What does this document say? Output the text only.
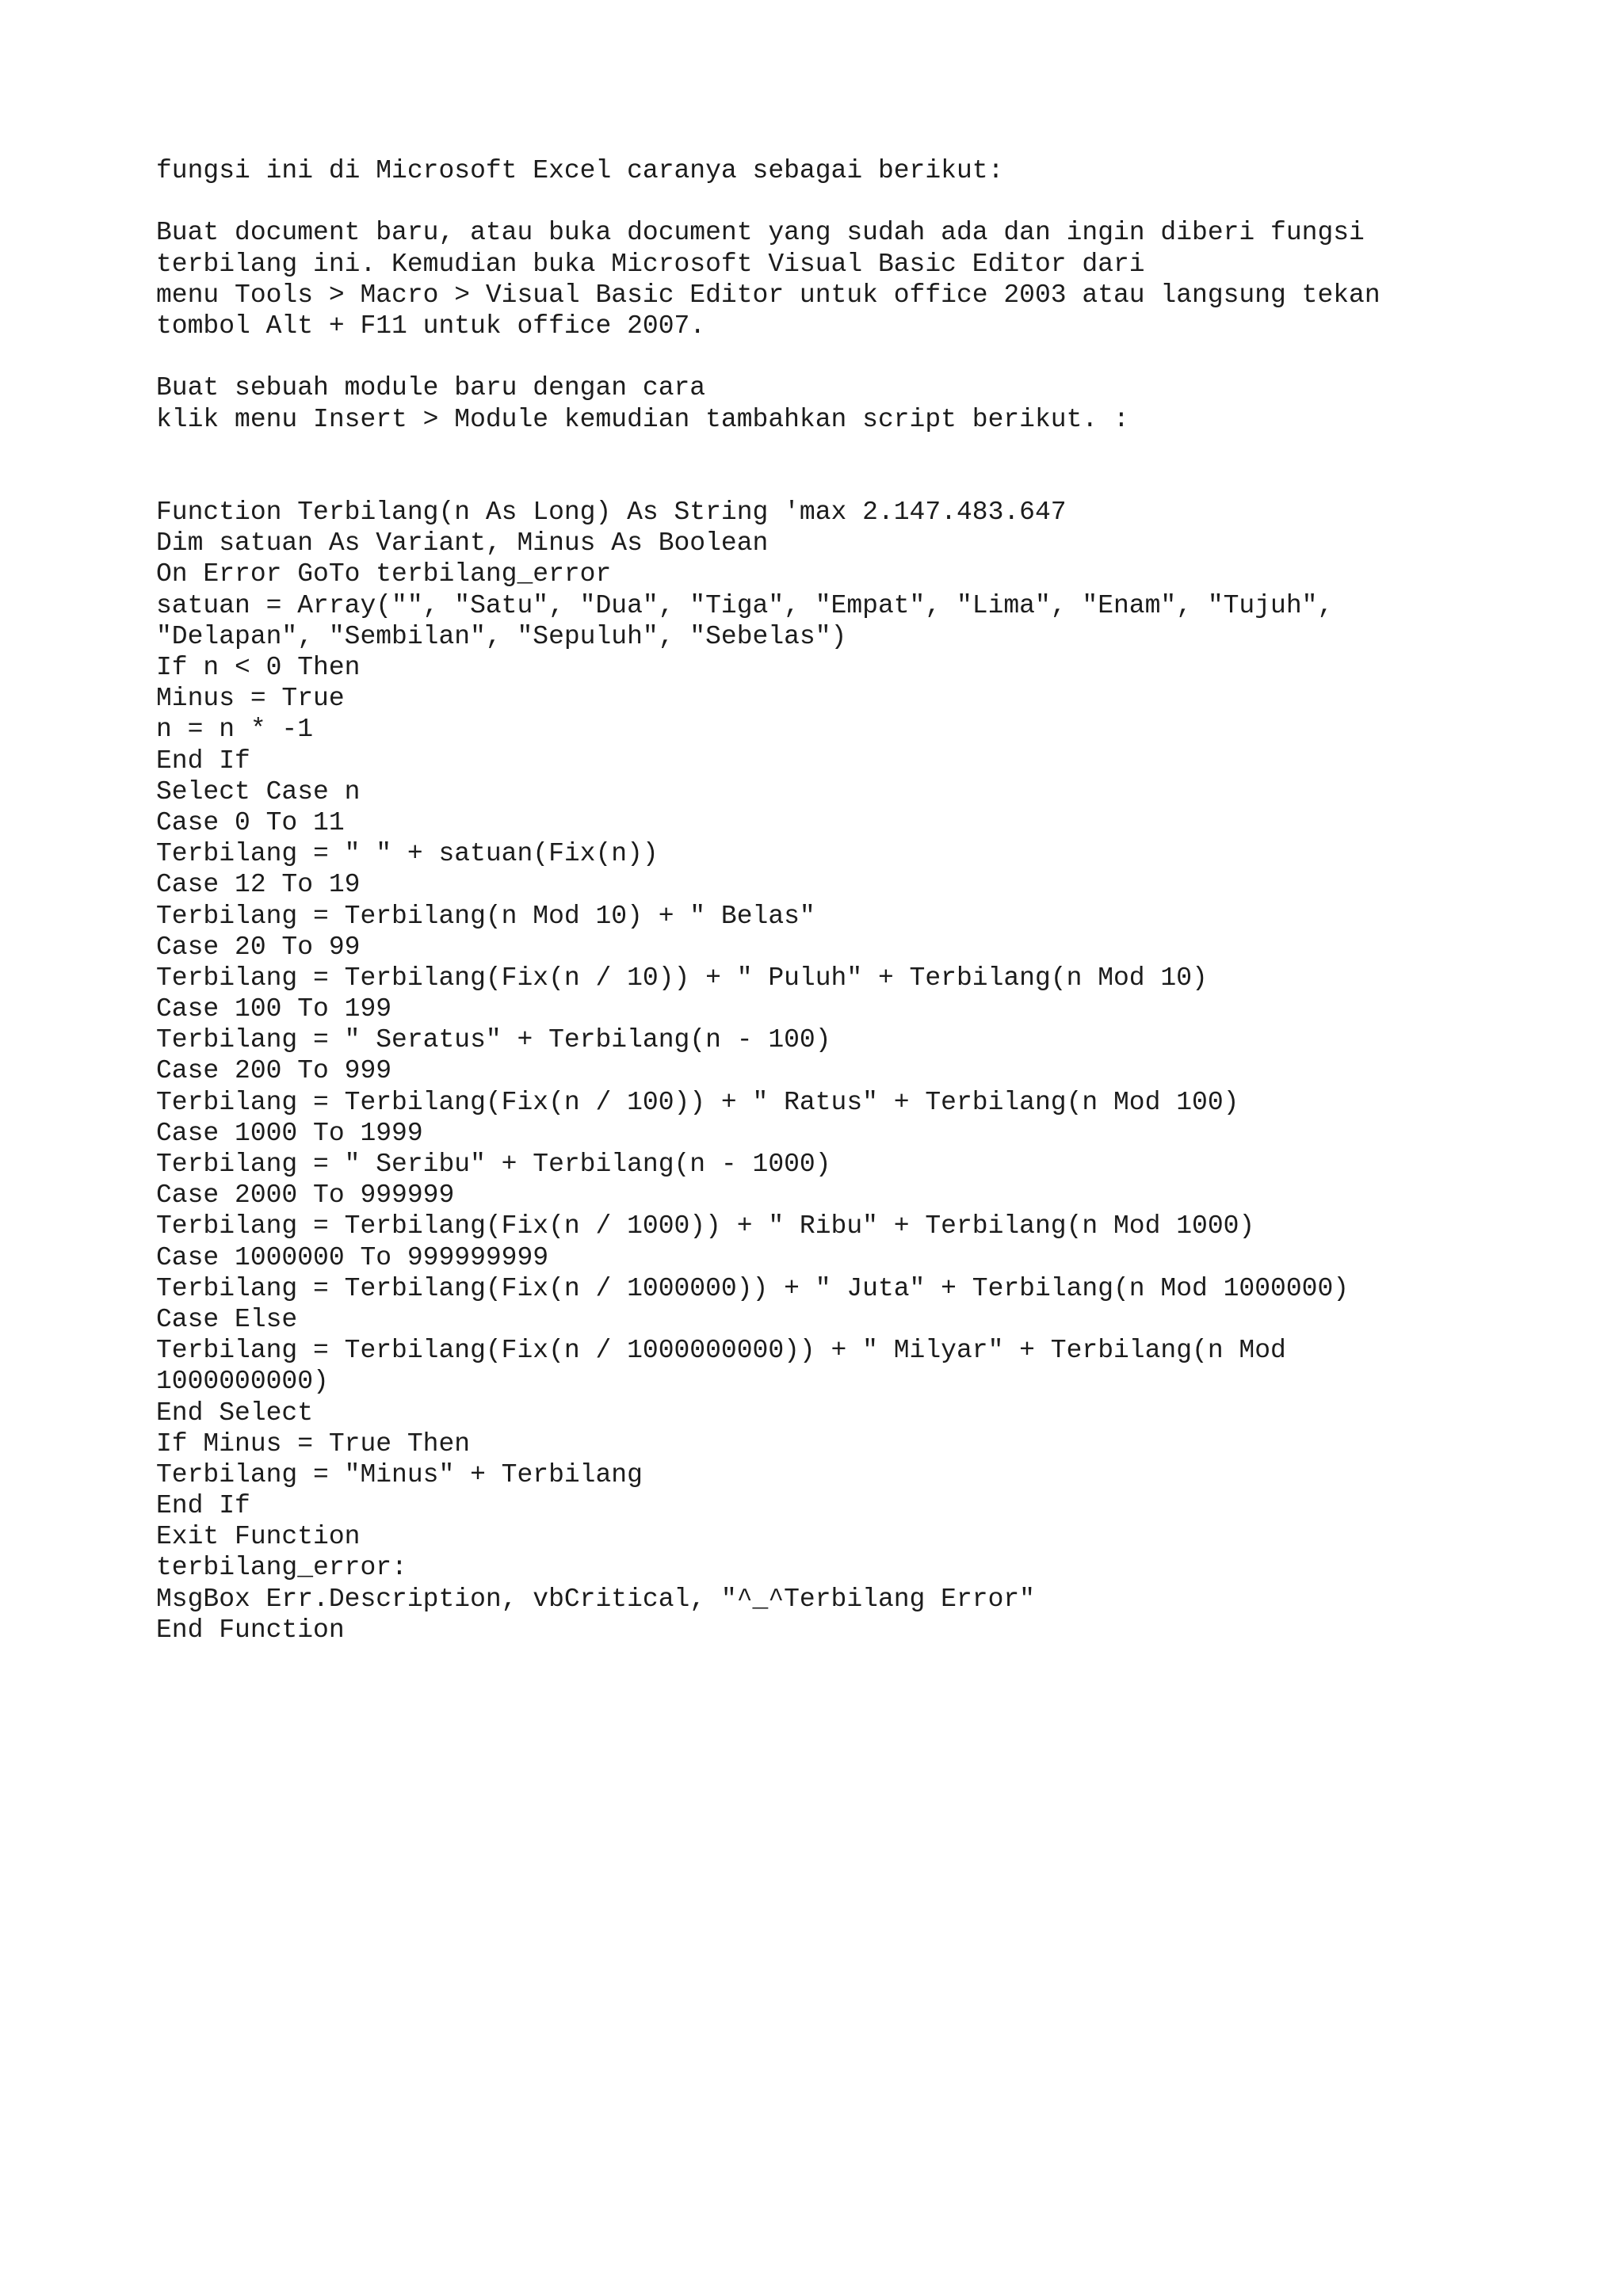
fungsi ini di Microsoft Excel caranya sebagai berikut:
Buat document baru, atau buka document yang sudah ada dan ingin diberi fungsi
terbilang ini. Kemudian buka Microsoft Visual Basic Editor dari
menu Tools > Macro > Visual Basic Editor untuk office 2003 atau langsung tekan
tombol Alt + F11 untuk office 2007.
Buat sebuah module baru dengan cara
klik menu Insert > Module kemudian tambahkan script berikut. :
Function Terbilang(n As Long) As String 'max 2.147.483.647
Dim satuan As Variant, Minus As Boolean
On Error GoTo terbilang_error
satuan = Array("", "Satu", "Dua", "Tiga", "Empat", "Lima", "Enam", "Tujuh",
"Delapan", "Sembilan", "Sepuluh", "Sebelas")
If n < 0 Then
Minus = True
n = n * -1
End If
Select Case n
Case 0 To 11
Terbilang = " " + satuan(Fix(n))
Case 12 To 19
Terbilang = Terbilang(n Mod 10) + " Belas"
Case 20 To 99
Terbilang = Terbilang(Fix(n / 10)) + " Puluh" + Terbilang(n Mod 10)
Case 100 To 199
Terbilang = " Seratus" + Terbilang(n - 100)
Case 200 To 999
Terbilang = Terbilang(Fix(n / 100)) + " Ratus" + Terbilang(n Mod 100)
Case 1000 To 1999
Terbilang = " Seribu" + Terbilang(n - 1000)
Case 2000 To 999999
Terbilang = Terbilang(Fix(n / 1000)) + " Ribu" + Terbilang(n Mod 1000)
Case 1000000 To 999999999
Terbilang = Terbilang(Fix(n / 1000000)) + " Juta" + Terbilang(n Mod 1000000)
Case Else
Terbilang = Terbilang(Fix(n / 1000000000)) + " Milyar" + Terbilang(n Mod
1000000000)
End Select
If Minus = True Then
Terbilang = "Minus" + Terbilang
End If
Exit Function
terbilang_error:
MsgBox Err.Description, vbCritical, "^_^Terbilang Error"
End Function
